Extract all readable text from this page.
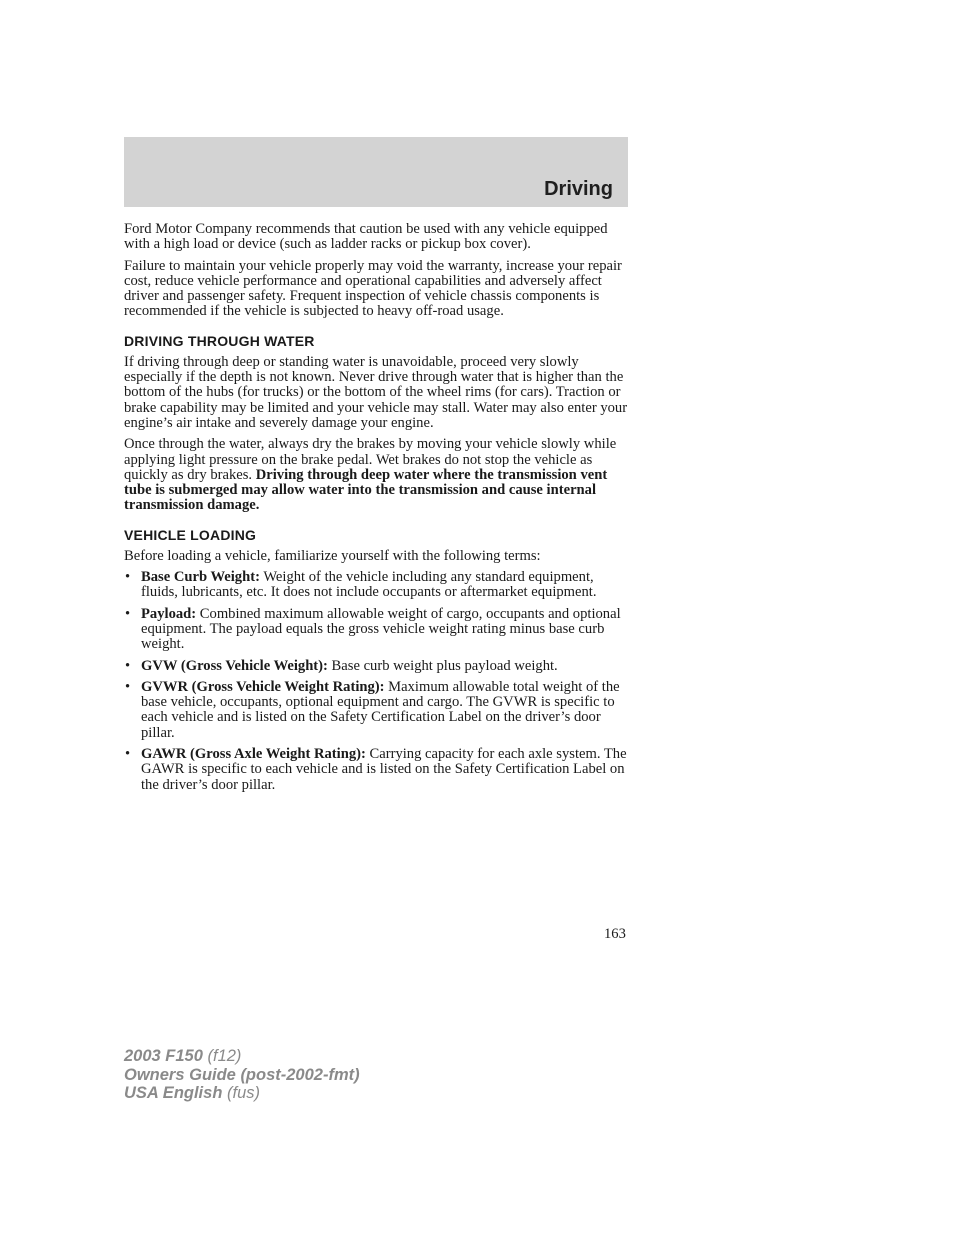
Driving

Ford Motor Company recommends that caution be used with any vehicle equipped with a high load or device (such as ladder racks or pickup box cover).

Failure to maintain your vehicle properly may void the warranty, increase your repair cost, reduce vehicle performance and operational capabilities and adversely affect driver and passenger safety. Frequent inspection of vehicle chassis components is recommended if the vehicle is subjected to heavy off-road usage.

DRIVING THROUGH WATER

If driving through deep or standing water is unavoidable, proceed very slowly especially if the depth is not known. Never drive through water that is higher than the bottom of the hubs (for trucks) or the bottom of the wheel rims (for cars). Traction or brake capability may be limited and your vehicle may stall. Water may also enter your engine’s air intake and severely damage your engine.

Once through the water, always dry the brakes by moving your vehicle slowly while applying light pressure on the brake pedal. Wet brakes do not stop the vehicle as quickly as dry brakes. Driving through deep water where the transmission vent tube is submerged may allow water into the transmission and cause internal transmission damage.

VEHICLE LOADING

Before loading a vehicle, familiarize yourself with the following terms:

• Base Curb Weight: Weight of the vehicle including any standard equipment, fluids, lubricants, etc. It does not include occupants or aftermarket equipment.
• Payload: Combined maximum allowable weight of cargo, occupants and optional equipment. The payload equals the gross vehicle weight rating minus base curb weight.
• GVW (Gross Vehicle Weight): Base curb weight plus payload weight.
• GVWR (Gross Vehicle Weight Rating): Maximum allowable total weight of the base vehicle, occupants, optional equipment and cargo. The GVWR is specific to each vehicle and is listed on the Safety Certification Label on the driver’s door pillar.
• GAWR (Gross Axle Weight Rating): Carrying capacity for each axle system. The GAWR is specific to each vehicle and is listed on the Safety Certification Label on the driver’s door pillar.
163
2003 F150 (f12)
Owners Guide (post-2002-fmt)
USA English (fus)
